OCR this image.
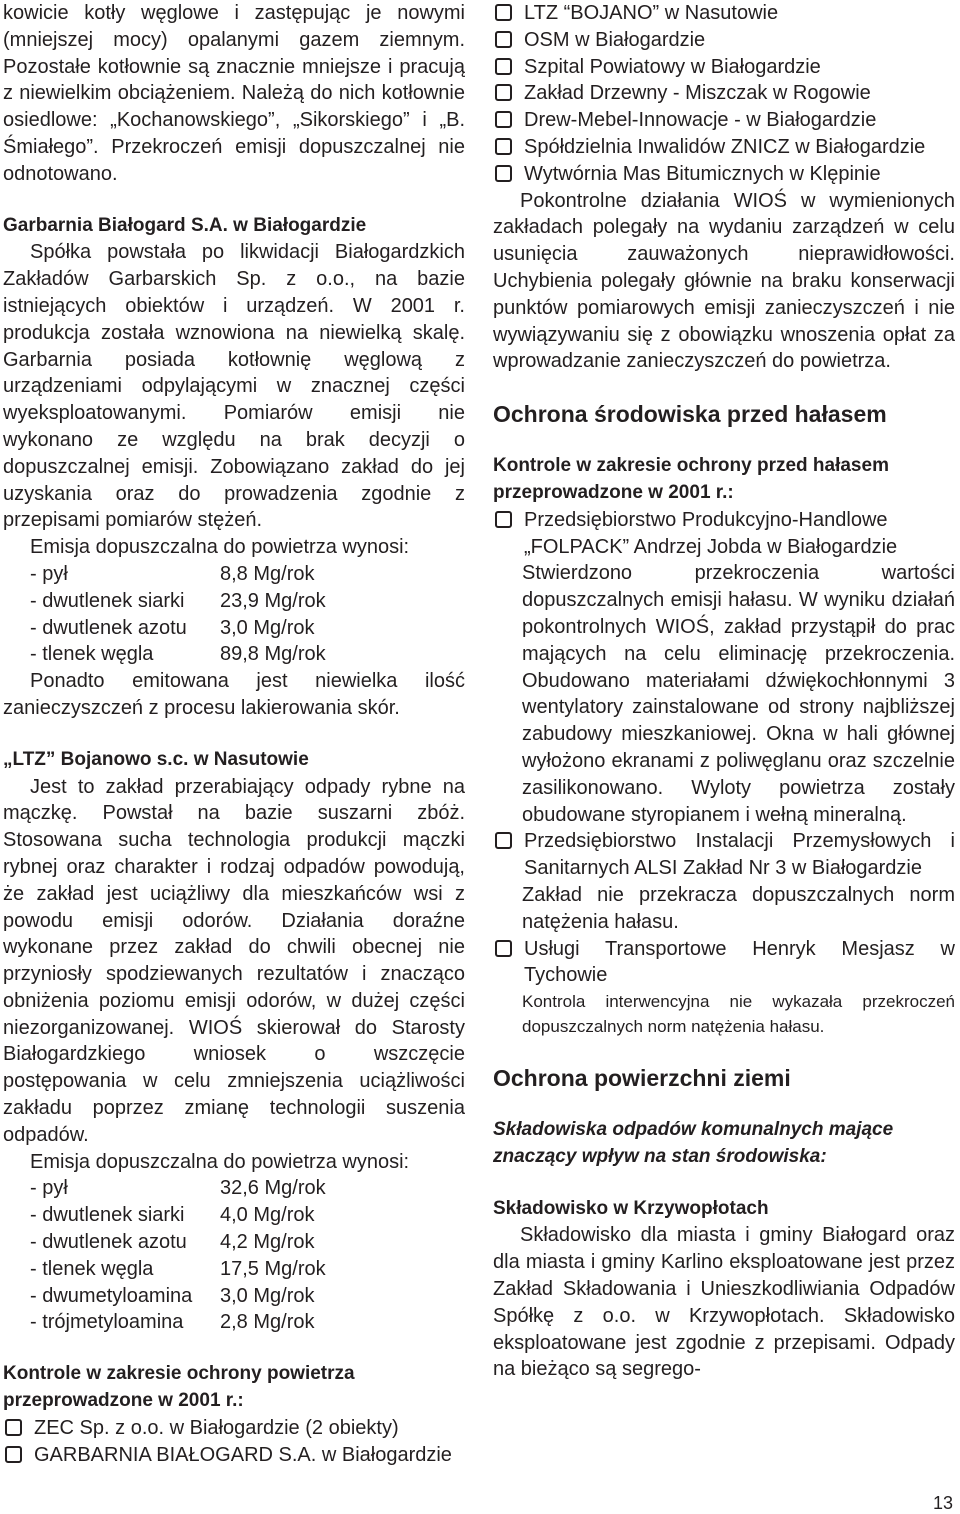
kowicie kotły węglowe i zastępując je nowymi (mniejszej mocy) opalanymi gazem ziemnym. Pozostałe kotłownie są znacznie mniejsze i pracują z niewielkim obciążeniem. Należą do nich kotłownie osiedlowe: „Kochanowskiego”, „Sikorskiego” i „B. Śmiałego”. Przekroczeń emisji dopuszczalnej nie odnotowano.

Garbarnia Białogard S.A. w Białogardzie

Spółka powstała po likwidacji Białogardzkich Zakładów Garbarskich Sp. z o.o., na bazie istniejących obiektów i urządzeń. W 2001 r. produkcja została wznowiona na niewielką skalę. Garbarnia posiada kotłownię węglową z urządzeniami odpylającymi w znacznej części wyeksploatowanymi. Pomiarów emisji nie wykonano ze względu na brak decyzji o dopuszczalnej emisji. Zobowiązano zakład do jej uzyskania oraz do prowadzenia zgodnie z przepisami pomiarów stężeń.

Emisja dopuszczalna do powietrza wynosi:

- pył	8,8 Mg/rok
- dwutlenek siarki	23,9 Mg/rok
- dwutlenek azotu	3,0 Mg/rok
- tlenek węgla	89,8 Mg/rok

Ponadto emitowana jest niewielka ilość zanieczyszczeń z procesu lakierowania skór.

„LTZ” Bojanowo s.c. w Nasutowie

Jest to zakład przerabiający odpady rybne na mączkę. Powstał na bazie suszarni zbóż. Stosowana sucha technologia produkcji mączki rybnej oraz charakter i rodzaj odpadów powodują, że zakład jest uciążliwy dla mieszkańców wsi z powodu emisji odorów. Działania doraźne wykonane przez zakład do chwili obecnej nie przyniosły spodziewanych rezultatów i znacząco obniżenia poziomu emisji odorów, w dużej części niezorganizowanej. WIOŚ skierował do Starosty Białogardzkiego wniosek o wszczęcie postępowania w celu zmniejszenia uciążliwości zakładu poprzez zmianę technologii suszenia odpadów.

Emisja dopuszczalna do powietrza wynosi:

- pył	32,6 Mg/rok
- dwutlenek siarki	4,0 Mg/rok
- dwutlenek azotu	4,2 Mg/rok
- tlenek węgla	17,5 Mg/rok
- dwumetyloamina	3,0 Mg/rok
- trójmetyloamina	2,8 Mg/rok

Kontrole w zakresie ochrony powietrza przeprowadzone w 2001 r.:

ZEC Sp. z o.o. w Białogardzie (2 obiekty)
GARBARNIA BIAŁOGARD S.A. w Białogardzie
LTZ “BOJANO” w Nasutowie
OSM w Białogardzie
Szpital Powiatowy w Białogardzie
Zakład Drzewny - Miszczak w Rogowie
Drew-Mebel-Innowacje - w Białogardzie
Spółdzielnia Inwalidów ZNICZ w Białogardzie
Wytwórnia Mas Bitumicznych w Klępinie

Pokontrolne działania WIOŚ w wymienionych zakładach polegały na wydaniu zarządzeń w celu usunięcia zauważonych nieprawidłowości. Uchybienia polegały głównie na braku konserwacji punktów pomiarowych emisji zanieczyszczeń i nie wywiązywaniu się z obowiązku wnoszenia opłat za wprowadzanie zanieczyszczeń do powietrza.

Ochrona środowiska przed hałasem

Kontrole w zakresie ochrony przed hałasem przeprowadzone w 2001 r.:

Przedsiębiorstwo Produkcyjno-Handlowe „FOLPACK” Andrzej Jobda w Białogardzie

Stwierdzono przekroczenia wartości dopuszczalnych emisji hałasu. W wyniku działań pokontrolnych WIOŚ, zakład przystąpił do prac mających na celu eliminację przekroczenia. Obudowano materiałami dźwiękochłonnymi 3 wentylatory zainstalowane od strony najbliższej zabudowy mieszkaniowej. Okna w hali głównej wyłożono ekranami z poliwęglanu oraz szczelnie zasilikonowano. Wyloty powietrza zostały obudowane styropianem i wełną mineralną.

Przedsiębiorstwo Instalacji Przemysłowych i Sanitarnych ALSI Zakład Nr 3 w Białogardzie

Zakład nie przekracza dopuszczalnych norm natężenia hałasu.

Usługi Transportowe Henryk Mesjasz w Tychowie

Kontrola interwencyjna nie wykazała przekroczeń dopuszczalnych norm natężenia hałasu.

Ochrona powierzchni ziemi

Składowiska odpadów komunalnych mające znaczący wpływ na stan środowiska:

Składowisko w Krzywopłotach

Składowisko dla miasta i gminy Białogard oraz dla miasta i gminy Karlino eksploatowane jest przez Zakład Składowania i Unieszkodliwiania Odpadów Spółkę z o.o. w Krzywopłotach. Składowisko eksploatowane jest zgodnie z przepisami. Odpady na bieżąco są segrego-

13
